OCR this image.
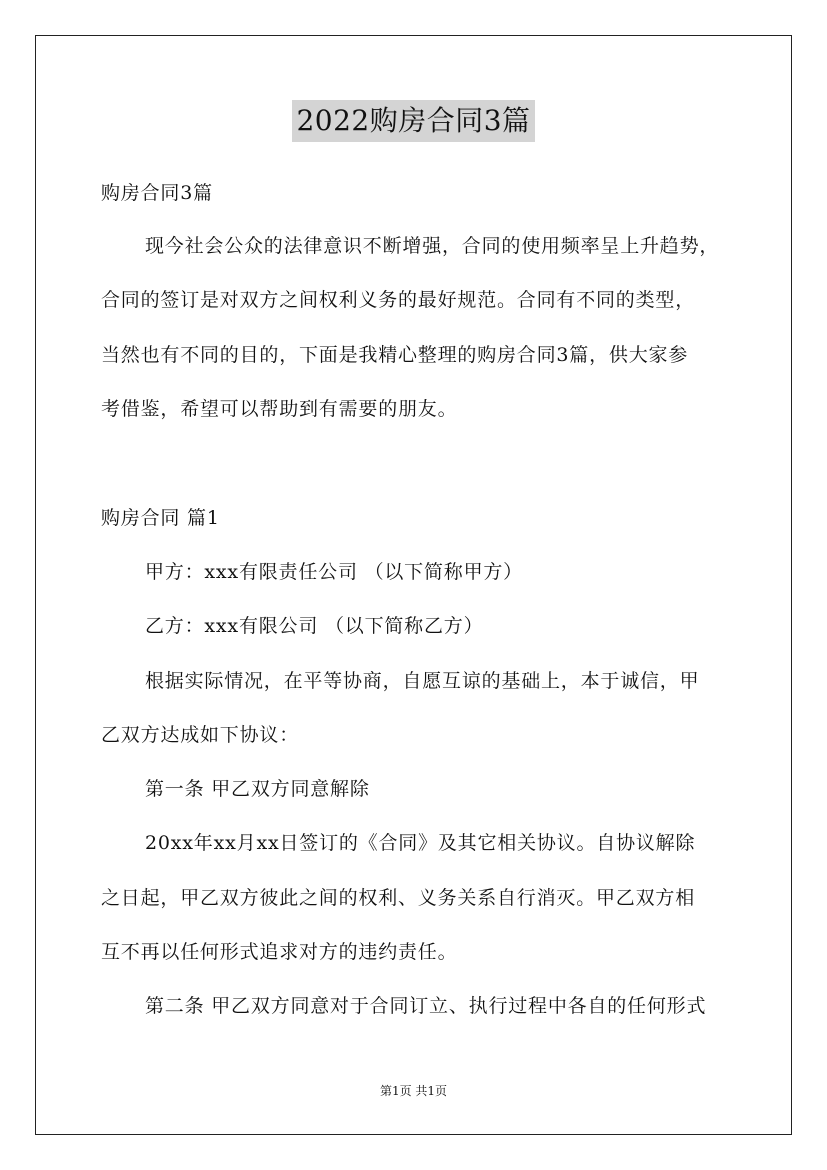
2022购房合同3篇
购房合同3篇
现今社会公众的法律意识不断增强，合同的使用频率呈上升趋势，
合同的签订是对双方之间权利义务的最好规范。合同有不同的类型，
当然也有不同的目的，下面是我精心整理的购房合同3篇，供大家参
考借鉴，希望可以帮助到有需要的朋友。
购房合同 篇1
甲方：xxx有限责任公司 （以下简称甲方）
乙方：xxx有限公司 （以下简称乙方）
根据实际情况，在平等协商，自愿互谅的基础上，本于诚信，甲
乙双方达成如下协议：
第一条 甲乙双方同意解除
20xx年xx月xx日签订的《合同》及其它相关协议。自协议解除
之日起，甲乙双方彼此之间的权利、义务关系自行消灭。甲乙双方相
互不再以任何形式追求对方的违约责任。
第二条 甲乙双方同意对于合同订立、执行过程中各自的任何形式
第1页 共1页
